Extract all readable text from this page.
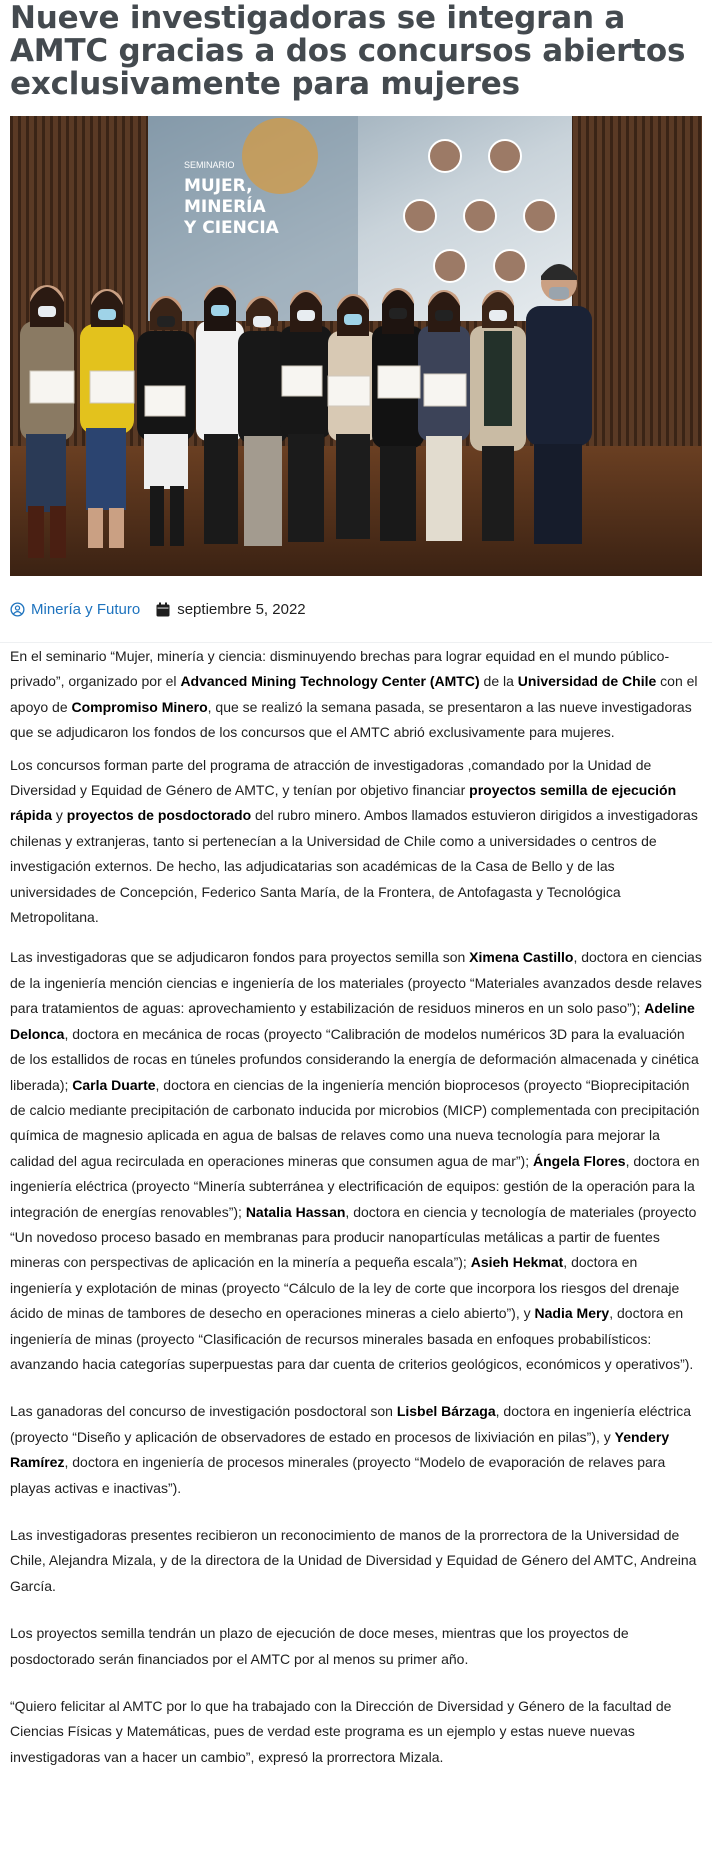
Nueve investigadoras se integran a AMTC gracias a dos concursos abiertos exclusivamente para mujeres
SEMINARIO
MUJER,
MINERÍA
Y CIENCIA
Minería y Futuro septiembre 5, 2022

En el seminario “Mujer, minería y ciencia: disminuyendo brechas para lograr equidad en el mundo público-privado”, organizado por el Advanced Mining Technology Center (AMTC) de la Universidad de Chile con el apoyo de Compromiso Minero, que se realizó la semana pasada, se presentaron a las nueve investigadoras que se adjudicaron los fondos de los concursos que el AMTC abrió exclusivamente para mujeres.

Los concursos forman parte del programa de atracción de investigadoras ,comandado por la Unidad de Diversidad y Equidad de Género de AMTC, y tenían por objetivo financiar proyectos semilla de ejecución rápida y proyectos de posdoctorado del rubro minero. Ambos llamados estuvieron dirigidos a investigadoras chilenas y extranjeras, tanto si pertenecían a la Universidad de Chile como a universidades o centros de investigación externos. De hecho, las adjudicatarias son académicas de la Casa de Bello y de las universidades de Concepción, Federico Santa María, de la Frontera, de Antofagasta y Tecnológica Metropolitana.

Las investigadoras que se adjudicaron fondos para proyectos semilla son Ximena Castillo, doctora en ciencias de la ingeniería mención ciencias e ingeniería de los materiales (proyecto “Materiales avanzados desde relaves para tratamientos de aguas: aprovechamiento y estabilización de residuos mineros en un solo paso”); Adeline Delonca, doctora en mecánica de rocas (proyecto “Calibración de modelos numéricos 3D para la evaluación de los estallidos de rocas en túneles profundos considerando la energía de deformación almacenada y cinética liberada); Carla Duarte, doctora en ciencias de la ingeniería mención bioprocesos (proyecto “Bioprecipitación de calcio mediante precipitación de carbonato inducida por microbios (MICP) complementada con precipitación química de magnesio aplicada en agua de balsas de relaves como una nueva tecnología para mejorar la calidad del agua recirculada en operaciones mineras que consumen agua de mar”); Ángela Flores, doctora en ingeniería eléctrica (proyecto “Minería subterránea y electrificación de equipos: gestión de la operación para la integración de energías renovables”); Natalia Hassan, doctora en ciencia y tecnología de materiales (proyecto “Un novedoso proceso basado en membranas para producir nanopartículas metálicas a partir de fuentes mineras con perspectivas de aplicación en la minería a pequeña escala”); Asieh Hekmat, doctora en ingeniería y explotación de minas (proyecto “Cálculo de la ley de corte que incorpora los riesgos del drenaje ácido de minas de tambores de desecho en operaciones mineras a cielo abierto”), y Nadia Mery, doctora en ingeniería de minas (proyecto “Clasificación de recursos minerales basada en enfoques probabilísticos: avanzando hacia categorías superpuestas para dar cuenta de criterios geológicos, económicos y operativos”).

Las ganadoras del concurso de investigación posdoctoral son Lisbel Bárzaga, doctora en ingeniería eléctrica (proyecto “Diseño y aplicación de observadores de estado en procesos de lixiviación en pilas”), y Yendery Ramírez, doctora en ingeniería de procesos minerales (proyecto “Modelo de evaporación de relaves para playas activas e inactivas”).

Las investigadoras presentes recibieron un reconocimiento de manos de la prorrectora de la Universidad de Chile, Alejandra Mizala, y de la directora de la Unidad de Diversidad y Equidad de Género del AMTC, Andreina García.

Los proyectos semilla tendrán un plazo de ejecución de doce meses, mientras que los proyectos de posdoctorado serán financiados por el AMTC por al menos su primer año.

“Quiero felicitar al AMTC por lo que ha trabajado con la Dirección de Diversidad y Género de la facultad de Ciencias Físicas y Matemáticas, pues de verdad este programa es un ejemplo y estas nueve nuevas investigadoras van a hacer un cambio”, expresó la prorrectora Mizala.
